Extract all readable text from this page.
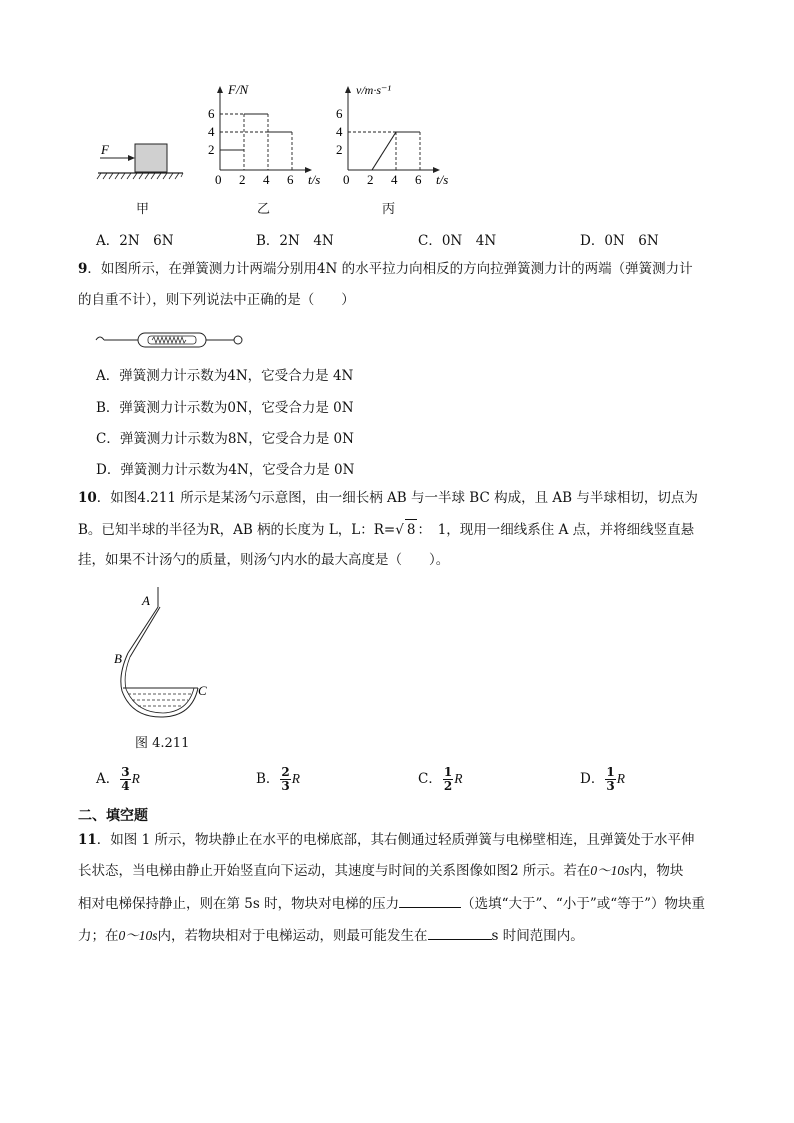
F
F/N
t/s
6
4
2
0 2 4 6
v/m·s⁻¹
t/s
6
4
2
0 2 4 6
甲	乙	丙
A．2N　6N	B．2N　4N	C．0N　4N	D．0N　6N
9．如图所示，在弹簧测力计两端分别用4N 的水平拉力向相反的方向拉弹簧测力计的两端（弹簧测力计
的自重不计），则下列说法中正确的是（　　）
A．弹簧测力计示数为4N，它受合力是 4N
B．弹簧测力计示数为0N，它受合力是 0N
C．弹簧测力计示数为8N，它受合力是 0N
D．弹簧测力计示数为4N，它受合力是 0N
10．如图4.211 所示是某汤勺示意图，由一细长柄 AB 与一半球 BC 构成，且 AB 与半球相切，切点为
B。已知半球的半径为R，AB 柄的长度为 L，L：R=√ 8 ：　1，现用一细线系住 A 点，并将细线竖直悬
挂，如果不计汤勺的质量，则汤勺内水的最大高度是（　　）。
A
B
C
图 4.211
A． $\frac{3}{4}$ R	B． $\frac{2}{3}$ R	C． $\frac{1}{2}$ R	D． $\frac{1}{3}$ R
二、填空题
11．如图 1 所示，物块静止在水平的电梯底部，其右侧通过轻质弹簧与电梯壁相连，且弹簧处于水平伸
长状态，当电梯由静止开始竖直向下运动，其速度与时间的关系图像如图2 所示。若在0～10s内，物块
相对电梯保持静止，则在第 5s 时，物块对电梯的压力	（选填“大于”、“小于”或“等于”）物块重
力；在0～10s内，若物块相对于电梯运动，则最可能发生在	s 时间范围内。
